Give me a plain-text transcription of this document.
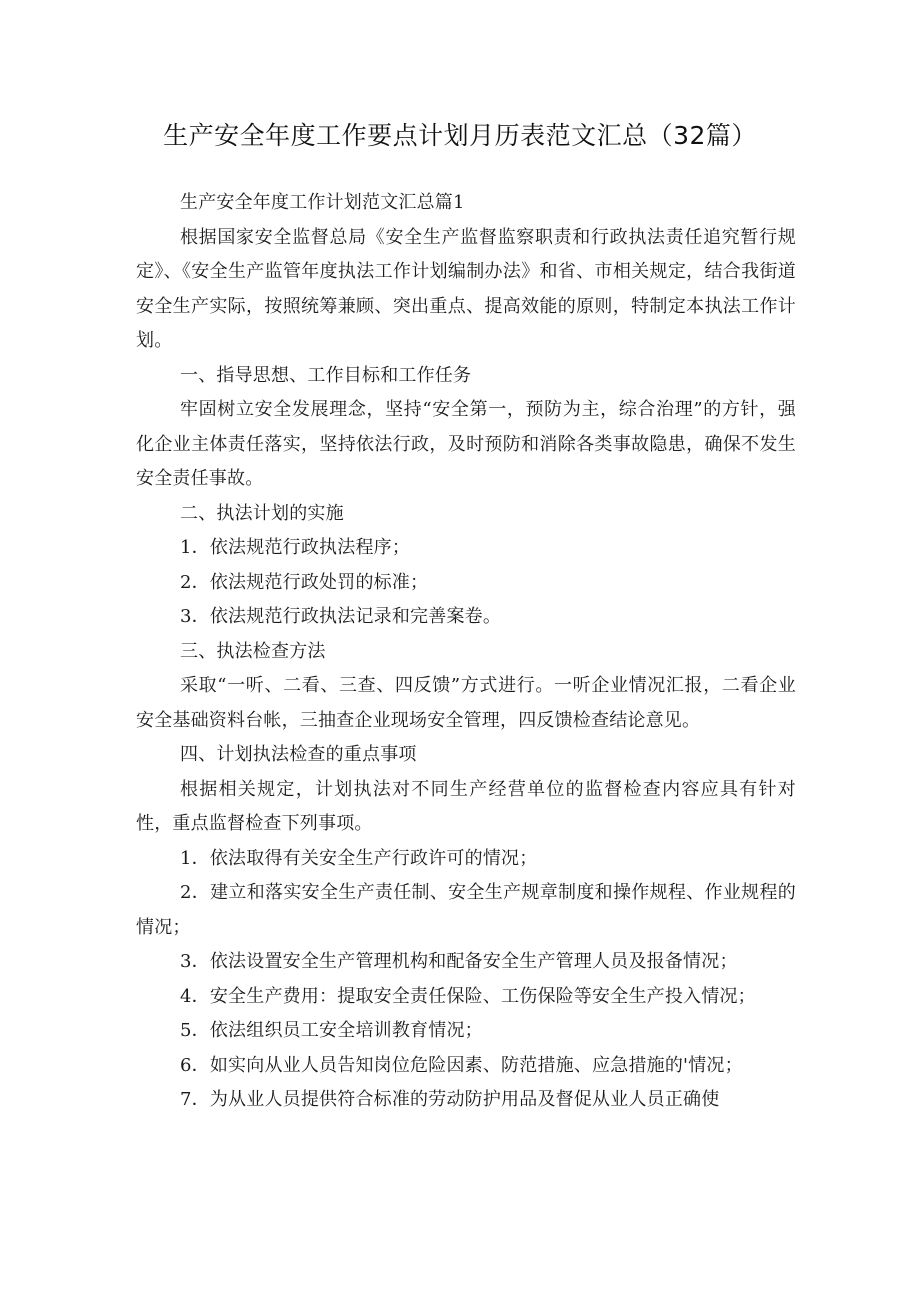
生产安全年度工作要点计划月历表范文汇总（32篇）

生产安全年度工作计划范文汇总篇1

根据国家安全监督总局《安全生产监督监察职责和行政执法责任追究暂行规定》、《安全生产监管年度执法工作计划编制办法》和省、市相关规定，结合我街道安全生产实际，按照统筹兼顾、突出重点、提高效能的原则，特制定本执法工作计划。

一、指导思想、工作目标和工作任务

牢固树立安全发展理念，坚持“安全第一，预防为主，综合治理”的方针，强化企业主体责任落实，坚持依法行政，及时预防和消除各类事故隐患，确保不发生安全责任事故。

二、执法计划的实施

1．依法规范行政执法程序；

2．依法规范行政处罚的标准；

3．依法规范行政执法记录和完善案卷。

三、执法检查方法

采取“一听、二看、三查、四反馈”方式进行。一听企业情况汇报，二看企业安全基础资料台帐，三抽查企业现场安全管理，四反馈检查结论意见。

四、计划执法检查的重点事项

根据相关规定，计划执法对不同生产经营单位的监督检查内容应具有针对性，重点监督检查下列事项。

1．依法取得有关安全生产行政许可的情况；

2．建立和落实安全生产责任制、安全生产规章制度和操作规程、作业规程的情况；

3．依法设置安全生产管理机构和配备安全生产管理人员及报备情况；

4．安全生产费用：提取安全责任保险、工伤保险等安全生产投入情况；

5．依法组织员工安全培训教育情况；

6．如实向从业人员告知岗位危险因素、防范措施、应急措施的'情况；

7．为从业人员提供符合标准的劳动防护用品及督促从业人员正确使
